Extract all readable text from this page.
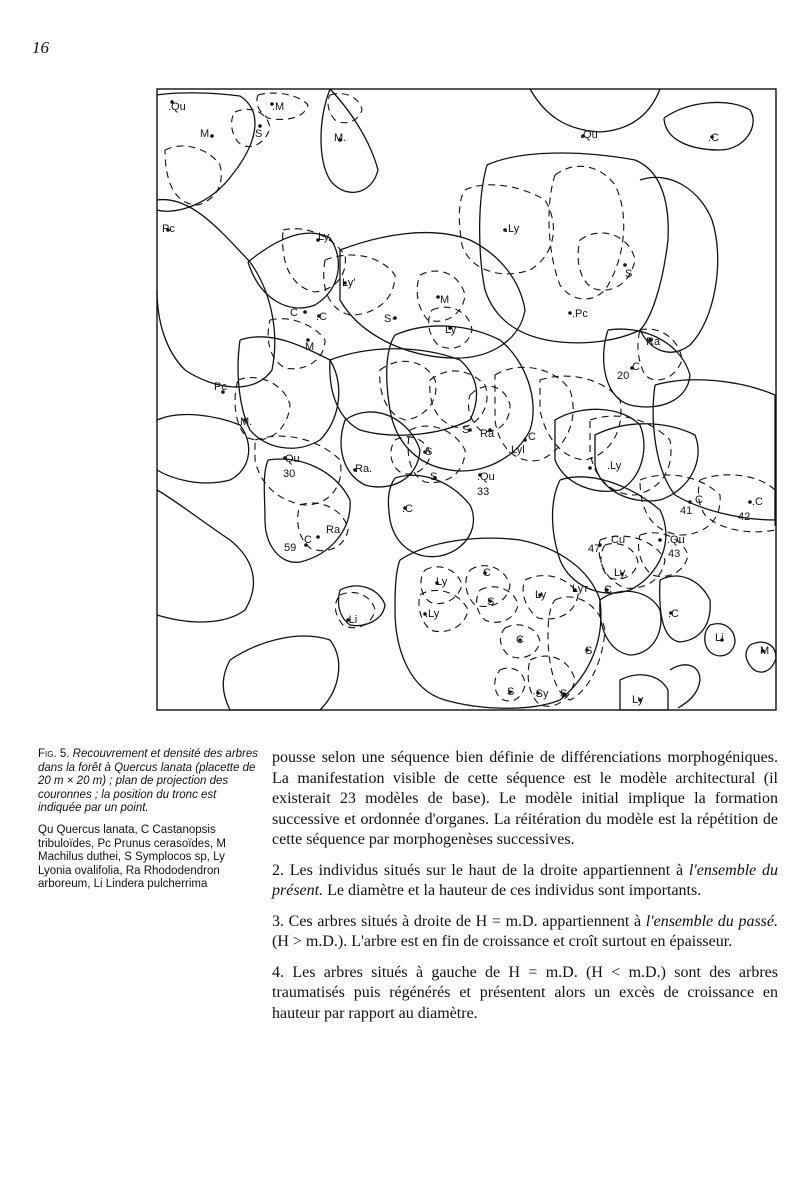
16
.Qu	.M
M.	.S	M.	.Qu	.C
Pc
Ly.
.Ly
Ly'
C .C
M
S·
M
Ly
S
.Pc
Ra
20
C
Pc
M.
S Ra	C
.Lyl
Qu
30	Ra.
S
S	.Qu
33
.Ly
41
C	.C
42
.C
Ra
59
C
47
Cu	.Qu
43
Ly.
Ly
·Li	.Ly
C
S
Ly Lyт C
.C
Li
M
C
S
S ·Sy S	Ly

Fig. 5. Recouvrement et densité des arbres dans la forêt à Quercus lanata (placette de 20 m × 20 m) ; plan de projection des couronnes ; la position du tronc est indiquée par un point.

Qu Quercus lanata, C Castanopsis tribuloïdes, Pc Prunus cerasoïdes, M Machilus duthei, S Symplocos sp, Ly Lyonia ovalifolia, Ra Rhododendron arboreum, Li Lindera pulcherrima

pousse selon une séquence bien définie de différenciations morphogéniques. La manifestation visible de cette séquence est le modèle architectural (il existerait 23 modèles de base). Le modèle initial implique la formation successive et ordonnée d'organes. La réitération du modèle est la répétition de cette séquence par morphogenèses successives.

2. Les individus situés sur le haut de la droite appartiennent à l'ensemble du présent. Le diamètre et la hauteur de ces individus sont importants.

3. Ces arbres situés à droite de H = m.D. appartiennent à l'ensemble du passé. (H > m.D.). L'arbre est en fin de croissance et croît surtout en épaisseur.

4. Les arbres situés à gauche de H = m.D. (H < m.D.) sont des arbres traumatisés puis régénérés et présentent alors un excès de croissance en hauteur par rapport au diamètre.
